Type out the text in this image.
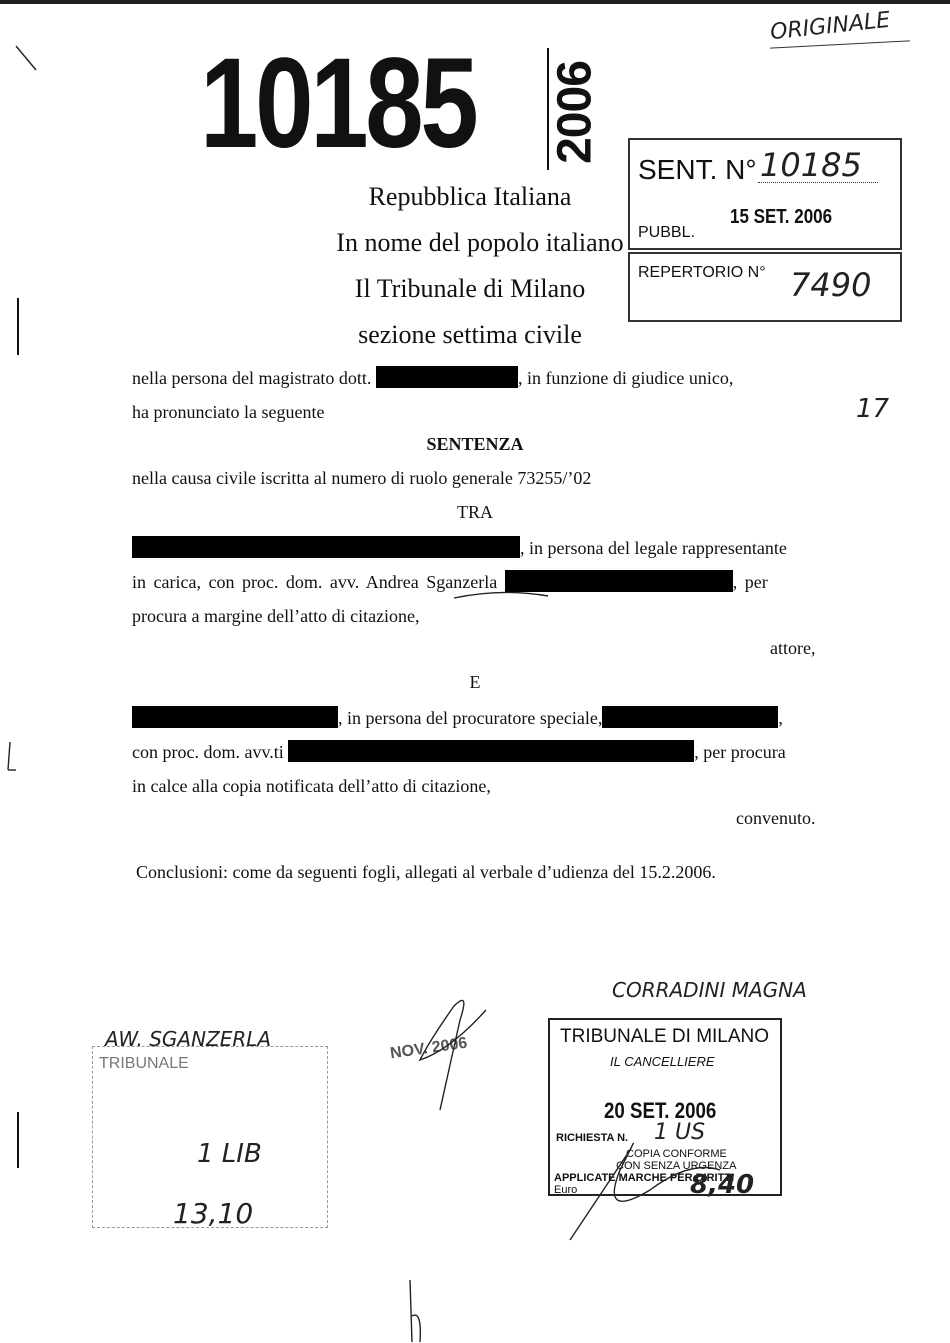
ORIGINALE
10185 2006
Repubblica Italiana
In nome del popolo italiano
Il Tribunale di Milano
sezione settima civile
SENT. N° 10185
PUBBL.
15 SET. 2006
REPERTORIO N° 7490
17
nella persona del magistrato dott.	, in funzione di giudice unico,
ha pronunciato la seguente
SENTENZA
nella causa civile iscritta al numero di ruolo generale 73255/’02
TRA
, in persona del legale rappresentante
in carica, con proc. dom. avv. Andrea Sganzerla	, per
procura a margine dell’atto di citazione,
attore,
E
, in persona del procuratore speciale,	,
con proc. dom. avv.ti	, per procura
in calce alla copia notificata dell’atto di citazione,
convenuto.
Conclusioni: come da seguenti fogli, allegati al verbale d’udienza del 15.2.2006.
AW. SGANZERLA
TRIBUNALE
1 LIB
13,10
NOV. 2006
CORRADINI MAGNA
TRIBUNALE DI MILANO
IL CANCELLIERE
20 SET. 2006
RICHIESTA N. 1 US
COPIA CONFORME
CON SENZA URGENZA
APPLICATE MARCHE PER DIRITTI
Euro	8,40
